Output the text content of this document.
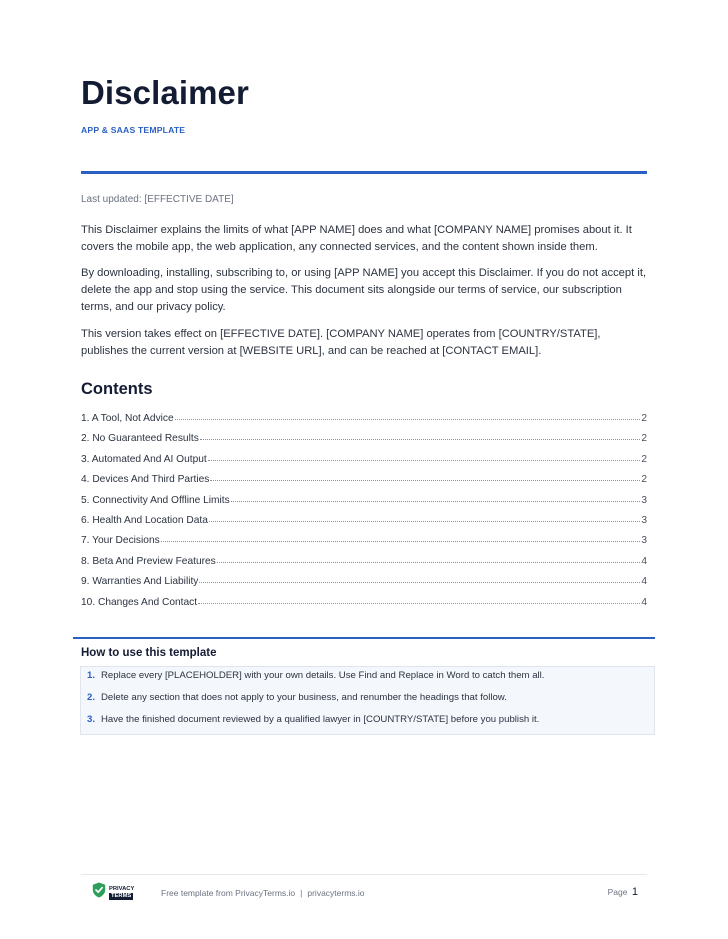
Disclaimer
APP & SAAS TEMPLATE
Last updated: [EFFECTIVE DATE]

This Disclaimer explains the limits of what [APP NAME] does and what [COMPANY NAME] promises about it. It covers the mobile app, the web application, any connected services, and the content shown inside them.

By downloading, installing, subscribing to, or using [APP NAME] you accept this Disclaimer. If you do not accept it, delete the app and stop using the service. This document sits alongside our terms of service, our subscription terms, and our privacy policy.

This version takes effect on [EFFECTIVE DATE]. [COMPANY NAME] operates from [COUNTRY/STATE], publishes the current version at [WEBSITE URL], and can be reached at [CONTACT EMAIL].

Contents
1. A Tool, Not Advice	2
2. No Guaranteed Results	2
3. Automated And AI Output	2
4. Devices And Third Parties	2
5. Connectivity And Offline Limits	3
6. Health And Location Data	3
7. Your Decisions	3
8. Beta And Preview Features	4
9. Warranties And Liability	4
10. Changes And Contact	4
How to use this template
1. Replace every [PLACEHOLDER] with your own details. Use Find and Replace in Word to catch them all.
2. Delete any section that does not apply to your business, and renumber the headings that follow.
3. Have the finished document reviewed by a qualified lawyer in [COUNTRY/STATE] before you publish it.
PRIVACY
TERMS	Free template from PrivacyTerms.io | privacyterms.io	Page 1
